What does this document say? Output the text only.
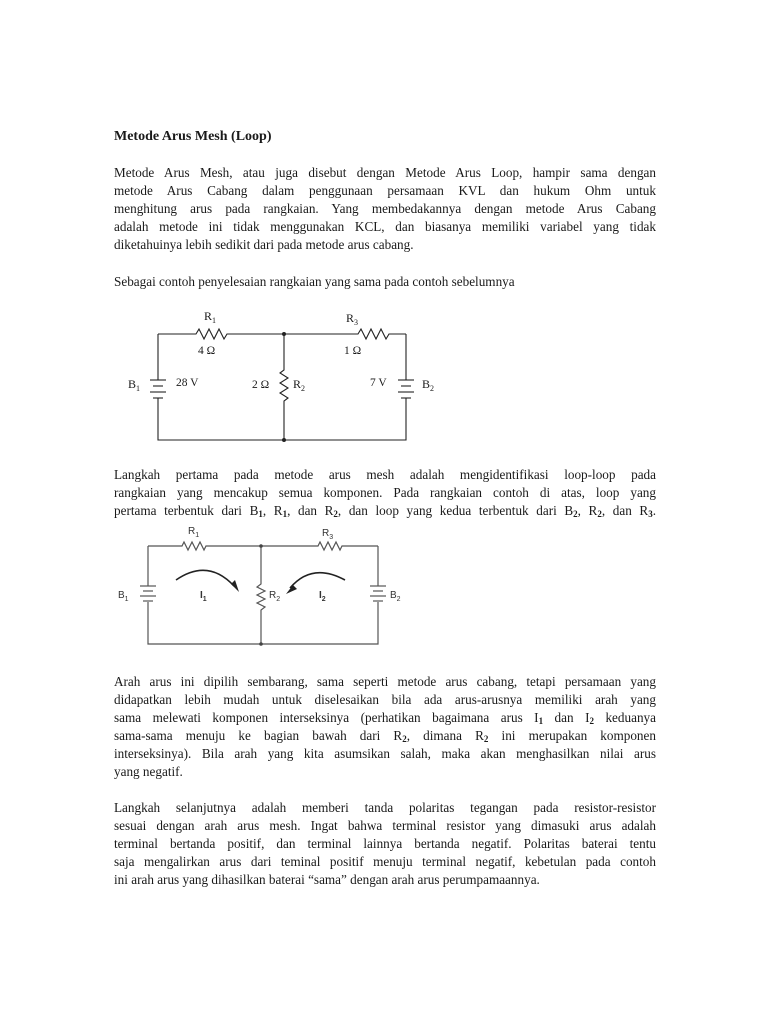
Metode Arus Mesh (Loop)
Metode Arus Mesh, atau juga disebut dengan Metode Arus Loop, hampir sama dengan
metode Arus Cabang dalam penggunaan persamaan KVL dan hukum Ohm untuk
menghitung arus pada rangkaian. Yang membedakannya dengan metode Arus Cabang
adalah metode ini tidak menggunakan KCL, dan biasanya memiliki variabel yang tidak
diketahuinya lebih sedikit dari pada metode arus cabang.
Sebagai contoh penyelesaian rangkaian yang sama pada contoh sebelumnya
$R_1$
4 Ω
$R_3$
1 Ω
2 Ω $R_2$
$B_1$	28 V	7 V	$B_2$
Langkah pertama pada metode arus mesh adalah mengidentifikasi loop-loop pada
rangkaian yang mencakup semua komponen. Pada rangkaian contoh di atas, loop yang
pertama terbentuk dari $B_1$, $R_1$, dan $R_2$, dan loop yang kedua terbentuk dari $B_2$, $R_2$, dan $R_3$.
$R_1$	$R_3$
$R_2$
$B_1$	$B_2$
$I_1$	$I_2$
Arah arus ini dipilih sembarang, sama seperti metode arus cabang, tetapi persamaan yang
didapatkan lebih mudah untuk diselesaikan bila ada arus-arusnya memiliki arah yang
sama melewati komponen interseksinya (perhatikan bagaimana arus $I_1$ dan $I_2$ keduanya
sama-sama menuju ke bagian bawah dari $R_2$, dimana $R_2$ ini merupakan komponen
interseksinya). Bila arah yang kita asumsikan salah, maka akan menghasilkan nilai arus
yang negatif.
Langkah selanjutnya adalah memberi tanda polaritas tegangan pada resistor-resistor
sesuai dengan arah arus mesh. Ingat bahwa terminal resistor yang dimasuki arus adalah
terminal bertanda positif, dan terminal lainnya bertanda negatif. Polaritas baterai tentu
saja mengalirkan arus dari teminal positif menuju terminal negatif, kebetulan pada contoh
ini arah arus yang dihasilkan baterai “sama” dengan arah arus perumpamaannya.
